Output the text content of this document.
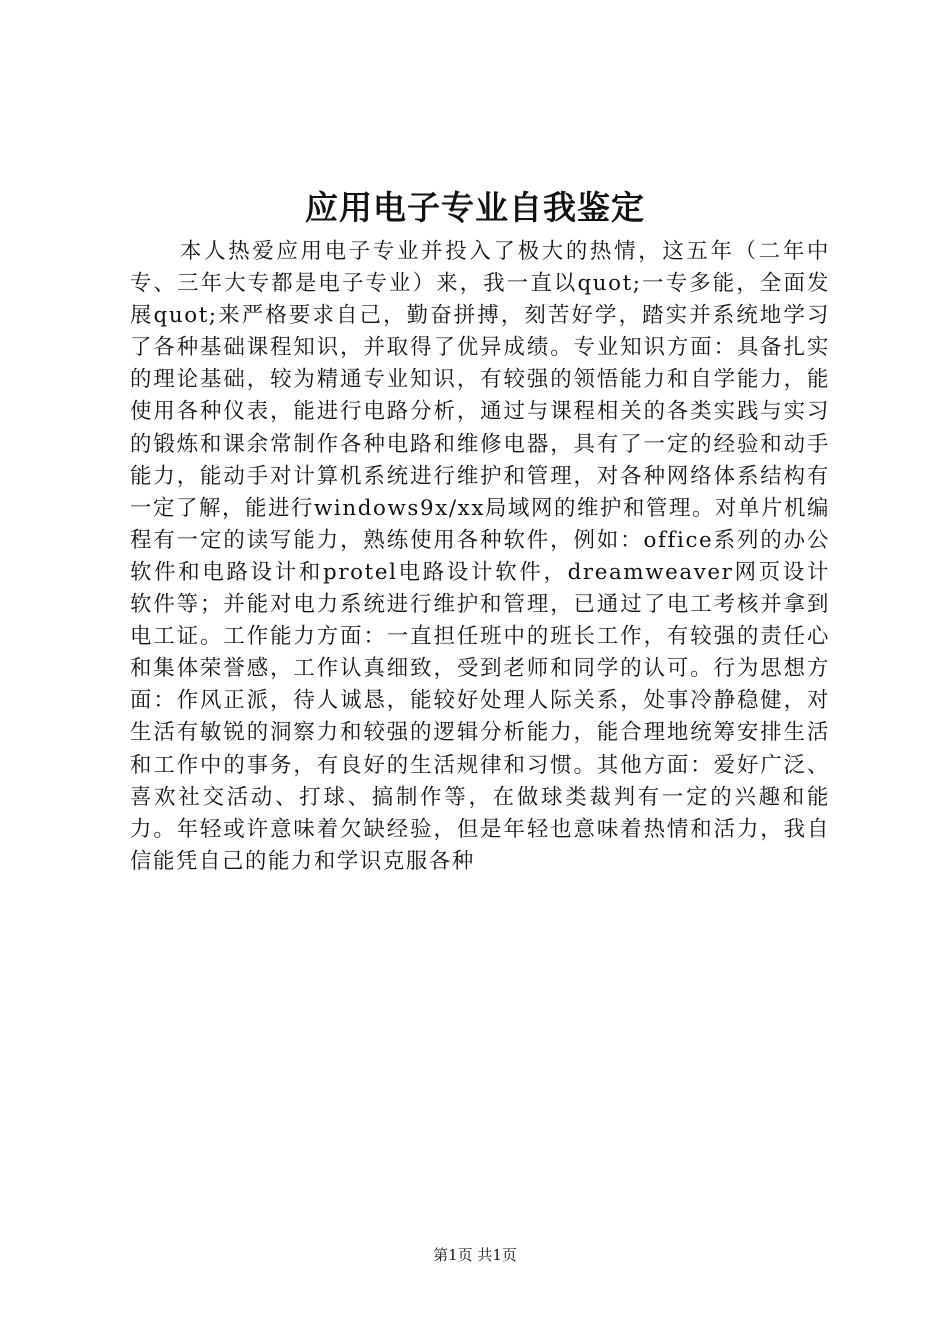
应用电子专业自我鉴定

本人热爱应用电子专业并投入了极大的热情，这五年（二年中专、三年大专都是电子专业）来，我一直以quot;一专多能，全面发展quot;来严格要求自己，勤奋拼搏，刻苦好学，踏实并系统地学习了各种基础课程知识，并取得了优异成绩。专业知识方面：具备扎实的理论基础，较为精通专业知识，有较强的领悟能力和自学能力，能使用各种仪表，能进行电路分析，通过与课程相关的各类实践与实习的锻炼和课余常制作各种电路和维修电器，具有了一定的经验和动手能力，能动手对计算机系统进行维护和管理，对各种网络体系结构有一定了解，能进行windows9x/xx局域网的维护和管理。对单片机编程有一定的读写能力，熟练使用各种软件，例如：office系列的办公软件和电路设计和protel电路设计软件，dreamweaver网页设计软件等；并能对电力系统进行维护和管理，已通过了电工考核并拿到电工证。工作能力方面：一直担任班中的班长工作，有较强的责任心和集体荣誉感，工作认真细致，受到老师和同学的认可。行为思想方面：作风正派，待人诚恳，能较好处理人际关系，处事冷静稳健，对生活有敏锐的洞察力和较强的逻辑分析能力，能合理地统筹安排生活和工作中的事务，有良好的生活规律和习惯。其他方面：爱好广泛、喜欢社交活动、打球、搞制作等，在做球类裁判有一定的兴趣和能力。年轻或许意味着欠缺经验，但是年轻也意味着热情和活力，我自信能凭自己的能力和学识克服各种

第1页 共1页
